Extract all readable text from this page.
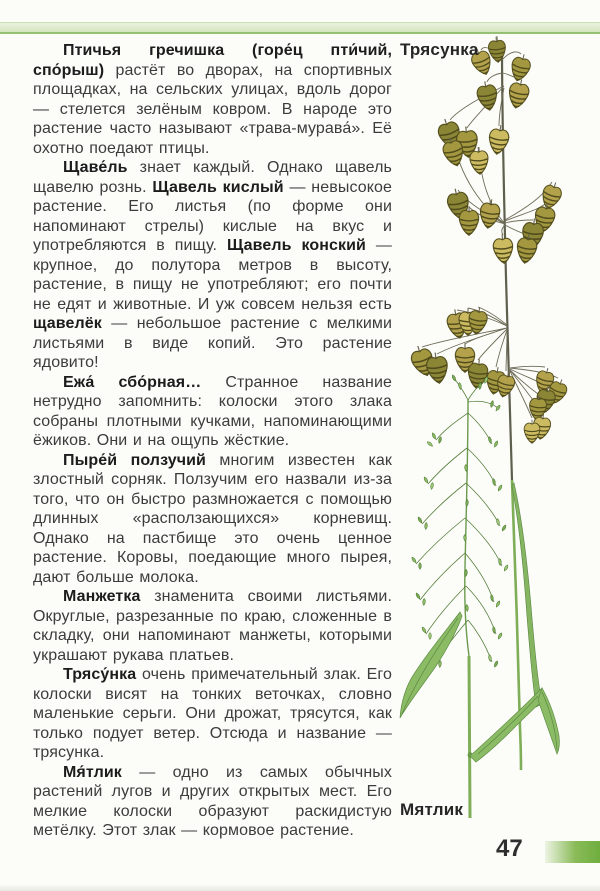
Птичья гречишка (горе́ц пти́чий, спо́рыш) растёт во дворах, на спортивных площадках, на сельских улицах, вдоль дорог — стелется зелёным ковром. В народе это растение часто называют «трава-мурава́». Её охотно поедают птицы.

Щаве́ль знает каждый. Однако щавель щавелю рознь. Щавель кислый — невысокое растение. Его листья (по форме они напоминают стрелы) кислые на вкус и употребляются в пищу. Щавель конский — крупное, до полутора метров в высоту, растение, в пищу не употребляют; его почти не едят и животные. И уж совсем нельзя есть щавелёк — небольшое растение с мелкими листьями в виде копий. Это растение ядовито!

Ежа́ сбо́рная… Странное название нетрудно запомнить: колоски этого злака собраны плотными кучками, напоминающими ёжиков. Они и на ощупь жёсткие.

Пыре́й ползучий многим известен как злостный сорняк. Ползучим его назвали из-за того, что он быстро размножается с помощью длинных «расползающихся» корневищ. Однако на пастбище это очень ценное растение. Коровы, поедающие много пырея, дают больше молока.

Манжетка знаменита своими листьями. Округлые, разрезанные по краю, сложенные в складку, они напоминают манжеты, которыми украшают рукава платьев.

Трясу́нка очень примечательный злак. Его колоски висят на тонких веточках, словно маленькие серьги. Они дрожат, трясутся, как только подует ветер. Отсюда и название — трясунка.

Мя́тлик — одно из самых обычных растений лугов и других открытых мест. Его мелкие колоски образуют раскидистую метёлку. Этот злак — кормовое растение.

Трясунка
Мятлик
47
